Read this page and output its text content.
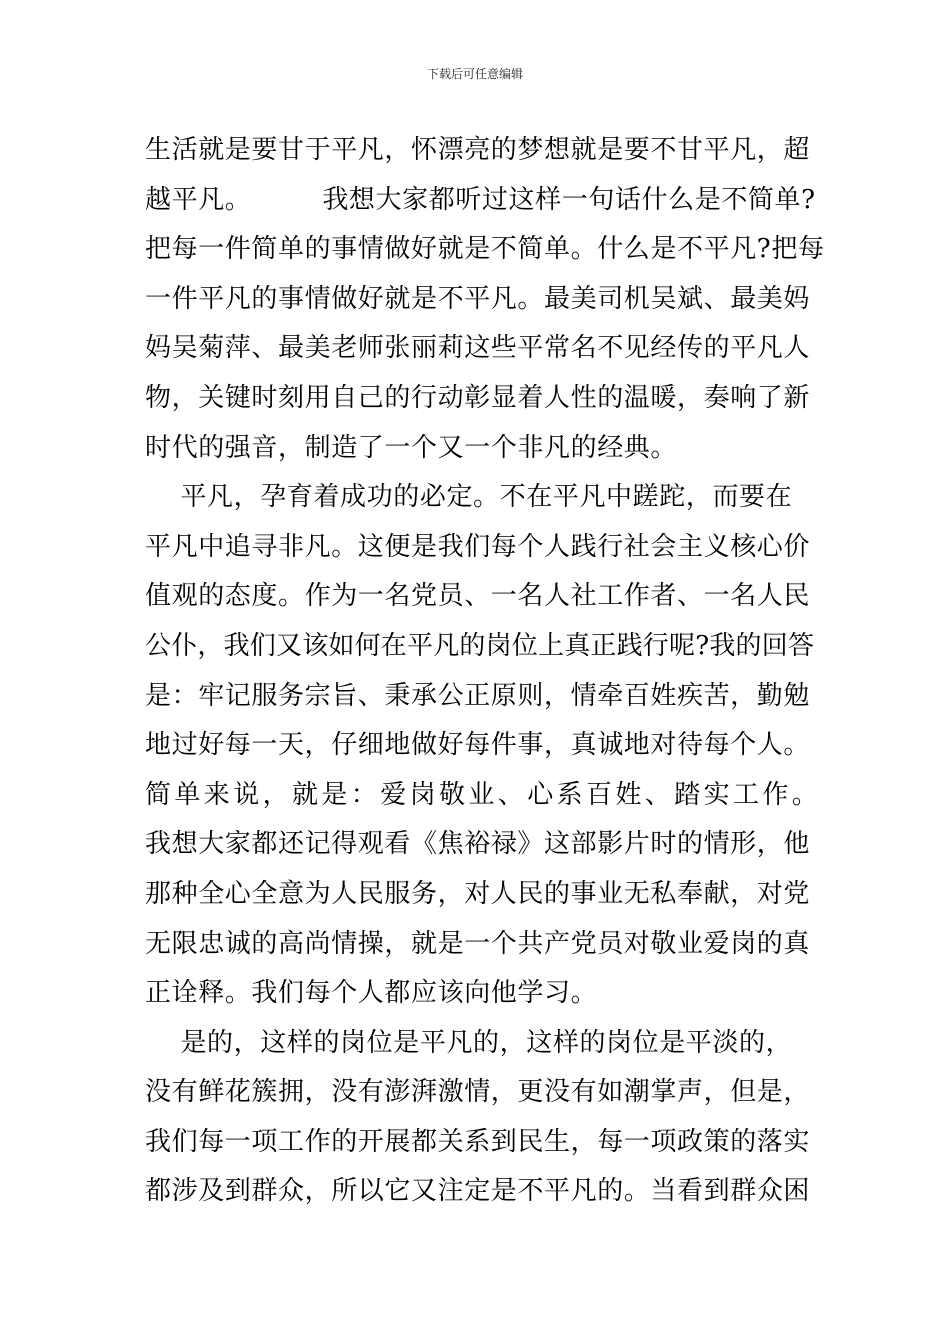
下载后可任意编辑
生活就是要甘于平凡，怀漂亮的梦想就是要不甘平凡，超
越平凡。        我想大家都听过这样一句话什么是不简单?
把每一件简单的事情做好就是不简单。什么是不平凡?把每
一件平凡的事情做好就是不平凡。最美司机吴斌、最美妈
妈吴菊萍、最美老师张丽莉这些平常名不见经传的平凡人
物，关键时刻用自己的行动彰显着人性的温暖，奏响了新
时代的强音，制造了一个又一个非凡的经典。
平凡，孕育着成功的必定。不在平凡中蹉跎，而要在
平凡中追寻非凡。这便是我们每个人践行社会主义核心价
值观的态度。作为一名党员、一名人社工作者、一名人民
公仆，我们又该如何在平凡的岗位上真正践行呢?我的回答
是：牢记服务宗旨、秉承公正原则，情牵百姓疾苦，勤勉
地过好每一天，仔细地做好每件事，真诚地对待每个人。
简单来说，就是：爱岗敬业、心系百姓、踏实工作。
我想大家都还记得观看《焦裕禄》这部影片时的情形，他
那种全心全意为人民服务，对人民的事业无私奉献，对党
无限忠诚的高尚情操，就是一个共产党员对敬业爱岗的真
正诠释。我们每个人都应该向他学习。
是的，这样的岗位是平凡的，这样的岗位是平淡的，
没有鲜花簇拥，没有澎湃激情，更没有如潮掌声，但是，
我们每一项工作的开展都关系到民生，每一项政策的落实
都涉及到群众，所以它又注定是不平凡的。当看到群众困
